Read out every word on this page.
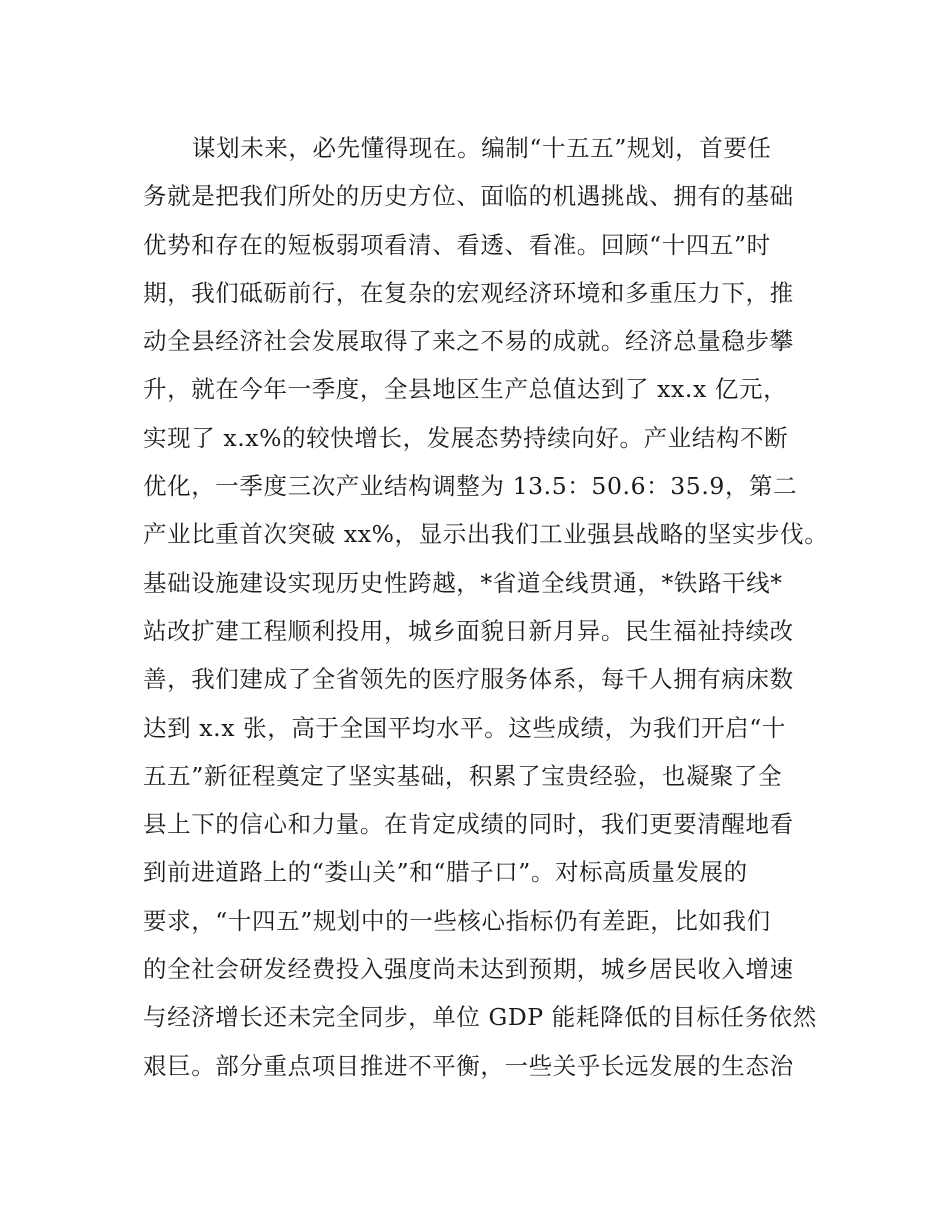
谋划未来，必先懂得现在。编制“十五五”规划，首要任
务就是把我们所处的历史方位、面临的机遇挑战、拥有的基础
优势和存在的短板弱项看清、看透、看准。回顾“十四五”时
期，我们砥砺前行，在复杂的宏观经济环境和多重压力下，推
动全县经济社会发展取得了来之不易的成就。经济总量稳步攀
升，就在今年一季度，全县地区生产总值达到了 xx.x 亿元，
实现了 x.x%的较快增长，发展态势持续向好。产业结构不断
优化，一季度三次产业结构调整为 13.5：50.6：35.9，第二
产业比重首次突破 xx%，显示出我们工业强县战略的坚实步伐。
基础设施建设实现历史性跨越，*省道全线贯通，*铁路干线*
站改扩建工程顺利投用，城乡面貌日新月异。民生福祉持续改
善，我们建成了全省领先的医疗服务体系，每千人拥有病床数
达到 x.x 张，高于全国平均水平。这些成绩，为我们开启“十
五五”新征程奠定了坚实基础，积累了宝贵经验，也凝聚了全
县上下的信心和力量。在肯定成绩的同时，我们更要清醒地看
到前进道路上的“娄山关”和“腊子口”。对标高质量发展的
要求，“十四五”规划中的一些核心指标仍有差距，比如我们
的全社会研发经费投入强度尚未达到预期，城乡居民收入增速
与经济增长还未完全同步，单位 GDP 能耗降低的目标任务依然
艰巨。部分重点项目推进不平衡，一些关乎长远发展的生态治
